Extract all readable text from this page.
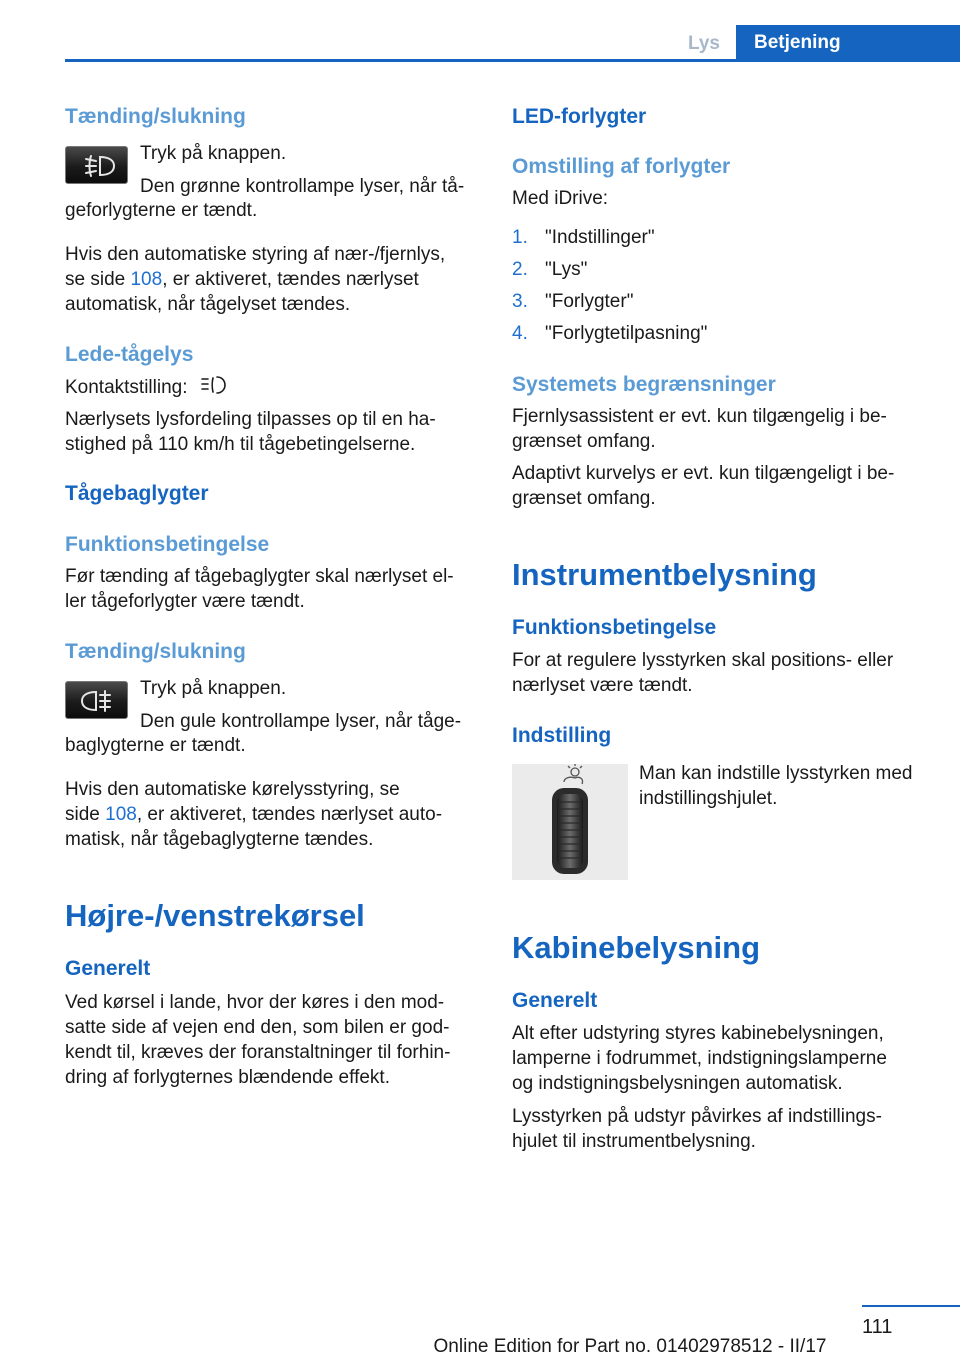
Lys	Betjening
Tænding/slukning
Tryk på knappen.
Den grønne kontrollampe lyser, når tå-
geforlygterne er tændt.
Hvis den automatiske styring af nær-/fjernlys,
se side 108, er aktiveret, tændes nærlyset
automatisk, når tågelyset tændes.
Lede-tågelys
Kontaktstilling:
Nærlysets lysfordeling tilpasses op til en ha-
stighed på 110 km/h til tågebetingelserne.
Tågebaglygter
Funktionsbetingelse
Før tænding af tågebaglygter skal nærlyset el-
ler tågeforlygter være tændt.
Tænding/slukning
Tryk på knappen.
Den gule kontrollampe lyser, når tåge-
baglygterne er tændt.
Hvis den automatiske kørelysstyring, se
side 108, er aktiveret, tændes nærlyset auto-
matisk, når tågebaglygterne tændes.
Højre-/venstrekørsel
Generelt
Ved kørsel i lande, hvor der køres i den mod-
satte side af vejen end den, som bilen er god-
kendt til, kræves der foranstaltninger til forhin-
dring af forlygternes blændende effekt.
LED-forlygter
Omstilling af forlygter
Med iDrive:
1. "Indstillinger"
2. "Lys"
3. "Forlygter"
4. "Forlygtetilpasning"
Systemets begrænsninger
Fjernlysassistent er evt. kun tilgængelig i be-
grænset omfang.
Adaptivt kurvelys er evt. kun tilgængeligt i be-
grænset omfang.
Instrumentbelysning
Funktionsbetingelse
For at regulere lysstyrken skal positions- eller
nærlyset være tændt.
Indstilling
Man kan indstille lysstyrken med
indstillingshjulet.
Kabinebelysning
Generelt
Alt efter udstyring styres kabinebelysningen,
lamperne i fodrummet, indstigningslamperne
og indstigningsbelysningen automatisk.
Lysstyrken på udstyr påvirkes af indstillings-
hjulet til instrumentbelysning.
111
Online Edition for Part no. 01402978512 - II/17
